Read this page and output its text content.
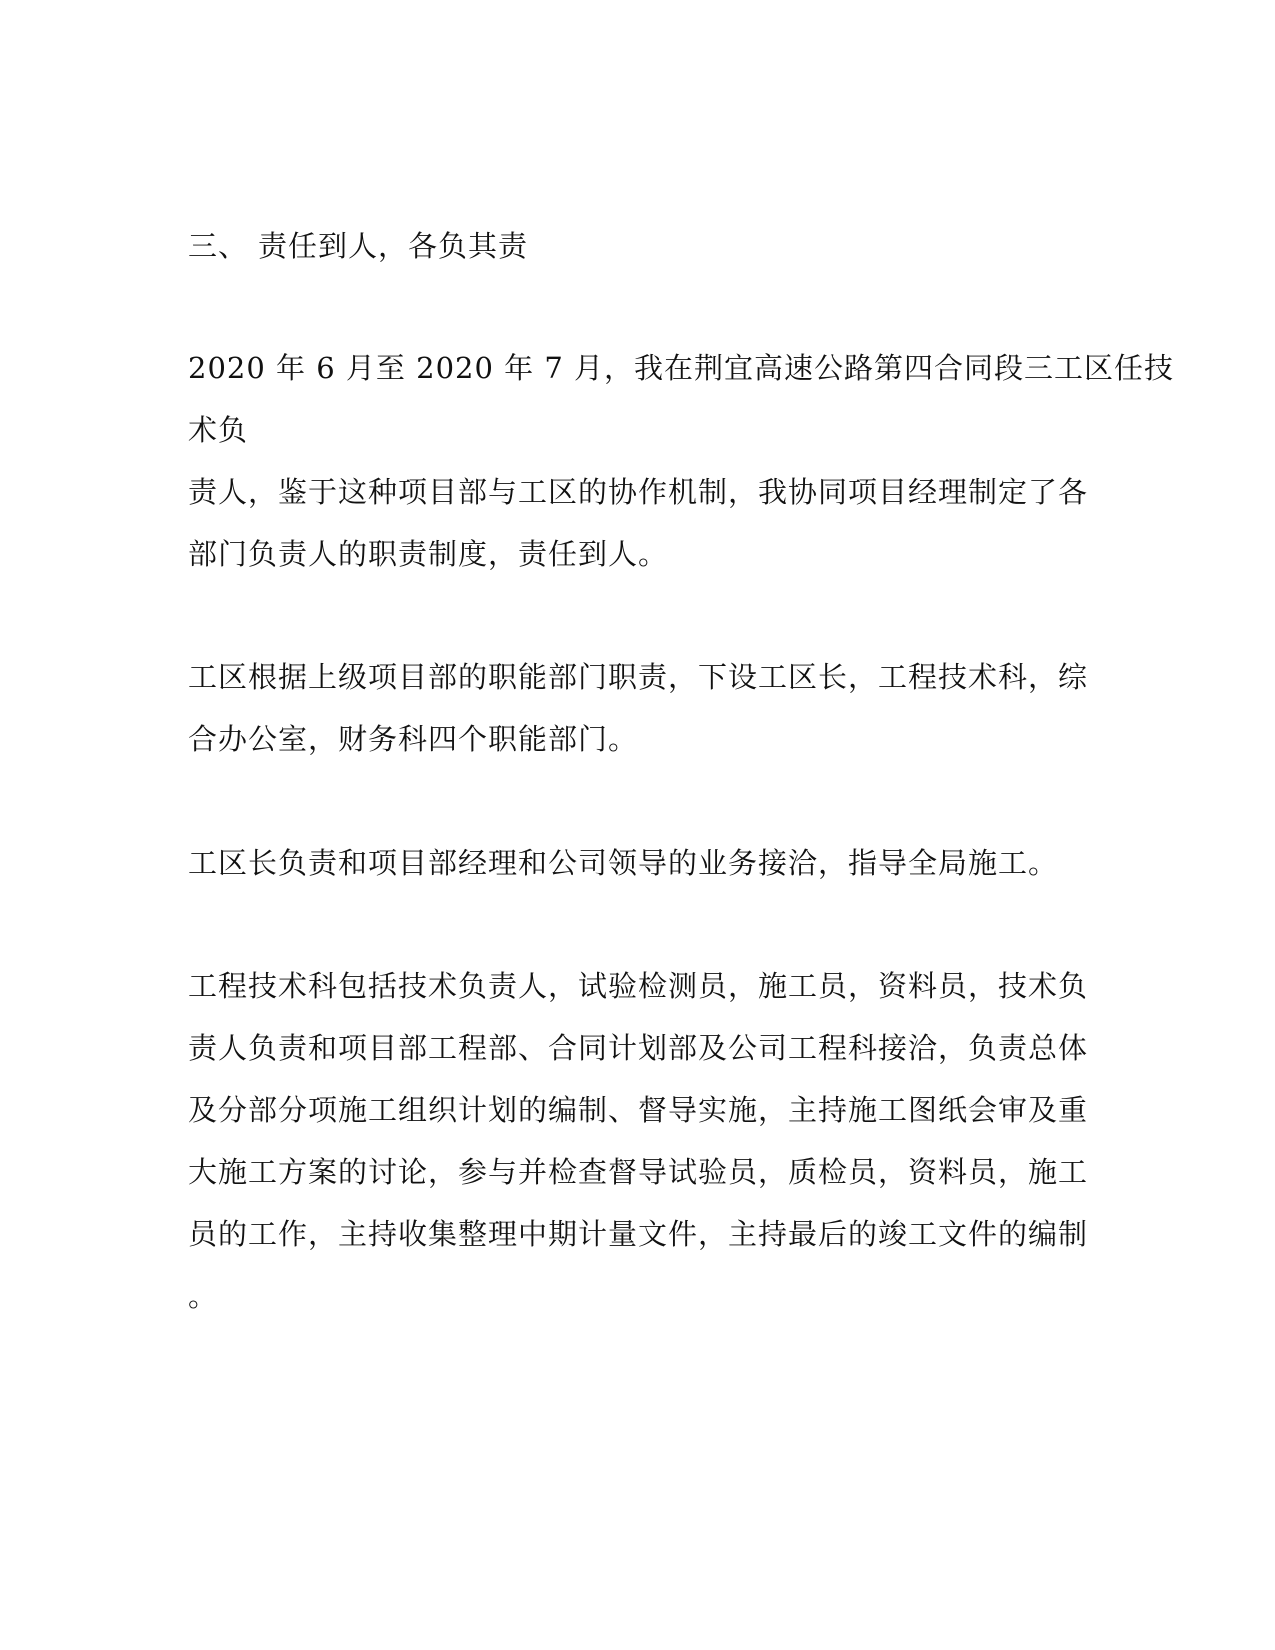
三、 责任到人，各负其责

2020 年 6 月至 2020 年 7 月，我在荆宜高速公路第四合同段三工区任技

术负

责人，鉴于这种项目部与工区的协作机制，我协同项目经理制定了各

部门负责人的职责制度，责任到人。

工区根据上级项目部的职能部门职责，下设工区长，工程技术科，综

合办公室，财务科四个职能部门。

工区长负责和项目部经理和公司领导的业务接洽，指导全局施工。

工程技术科包括技术负责人，试验检测员，施工员，资料员，技术负

责人负责和项目部工程部、合同计划部及公司工程科接洽，负责总体

及分部分项施工组织计划的编制、督导实施，主持施工图纸会审及重

大施工方案的讨论，参与并检查督导试验员，质检员，资料员，施工

员的工作，主持收集整理中期计量文件，主持最后的竣工文件的编制

。
